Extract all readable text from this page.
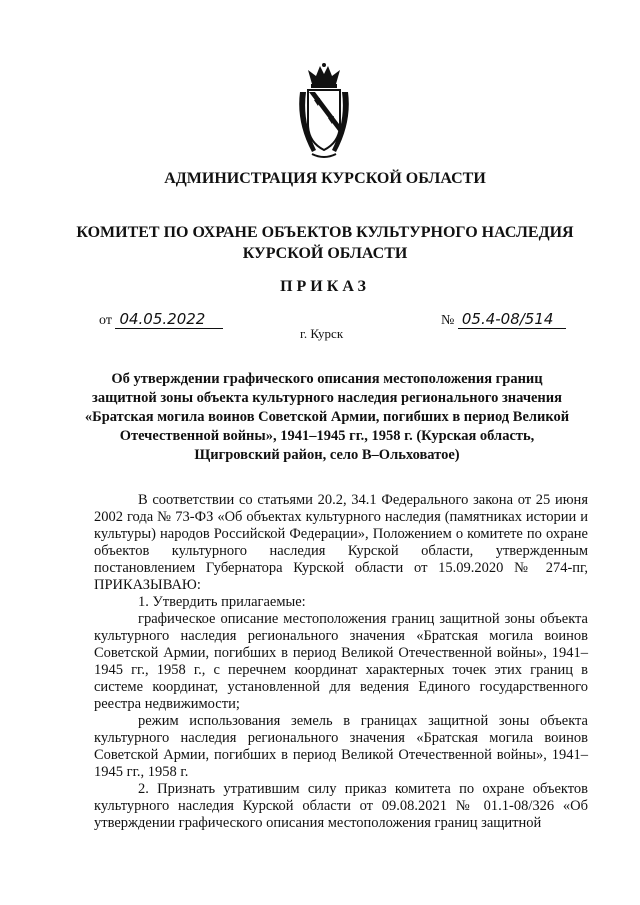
АДМИНИСТРАЦИЯ КУРСКОЙ ОБЛАСТИ
КОМИТЕТ ПО ОХРАНЕ ОБЪЕКТОВ КУЛЬТУРНОГО НАСЛЕДИЯ
КУРСКОЙ ОБЛАСТИ
ПРИКАЗ
от 04.05.2022	№ 05.4-08/514
г. Курск
Об утверждении графического описания местоположения границ защитной зоны объекта культурного наследия регионального значения «Братская могила воинов Советской Армии, погибших в период Великой Отечественной войны», 1941–1945 гг., 1958 г. (Курская область, Щигровский район, село В–Ольховатое)

В соответствии со статьями 20.2, 34.1 Федерального закона от 25 июня 2002 года № 73-ФЗ «Об объектах культурного наследия (памятниках истории и культуры) народов Российской Федерации», Положением о комитете по охране объектов культурного наследия Курской области, утвержденным постановлением Губернатора Курской области от 15.09.2020 № 274-пг, ПРИКАЗЫВАЮ:

1. Утвердить прилагаемые:

графическое описание местоположения границ защитной зоны объекта культурного наследия регионального значения «Братская могила воинов Советской Армии, погибших в период Великой Отечественной войны», 1941–1945 гг., 1958 г., с перечнем координат характерных точек этих границ в системе координат, установленной для ведения Единого государственного реестра недвижимости;

режим использования земель в границах защитной зоны объекта культурного наследия регионального значения «Братская могила воинов Советской Армии, погибших в период Великой Отечественной войны», 1941–1945 гг., 1958 г.

2. Признать утратившим силу приказ комитета по охране объектов культурного наследия Курской области от 09.08.2021 № 01.1-08/326 «Об утверждении графического описания местоположения границ защитной
